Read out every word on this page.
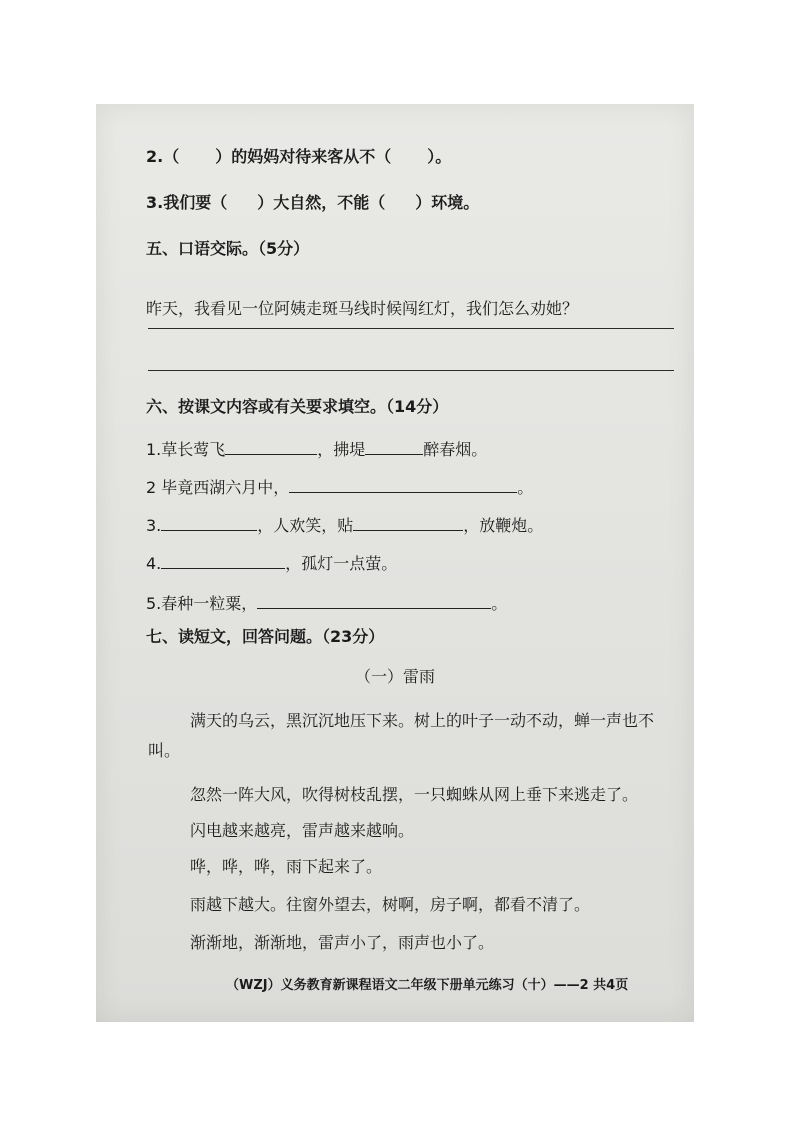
2.（ ）的妈妈对待来客从不（ ）。
3.我们要（ ）大自然，不能（ ）环境。
五、口语交际。（5分）
昨天，我看见一位阿姨走斑马线时候闯红灯，我们怎么劝她？
六、按课文内容或有关要求填空。（14分）
1.草长莺飞	，拂堤	醉春烟。
2 毕竟西湖六月中，	。
3.	，人欢笑，贴	，放鞭炮。
4.	，孤灯一点萤。
5.春种一粒粟，	。
七、读短文，回答问题。（23分）
（一）雷雨
满天的乌云，黑沉沉地压下来。树上的叶子一动不动，蝉一声也不
叫。
忽然一阵大风，吹得树枝乱摆，一只蜘蛛从网上垂下来逃走了。
闪电越来越亮，雷声越来越响。
哗，哗，哗，雨下起来了。
雨越下越大。往窗外望去，树啊，房子啊，都看不清了。
渐渐地，渐渐地，雷声小了，雨声也小了。
（WZJ）义务教育新课程语文二年级下册单元练习（十）——2 共4页
